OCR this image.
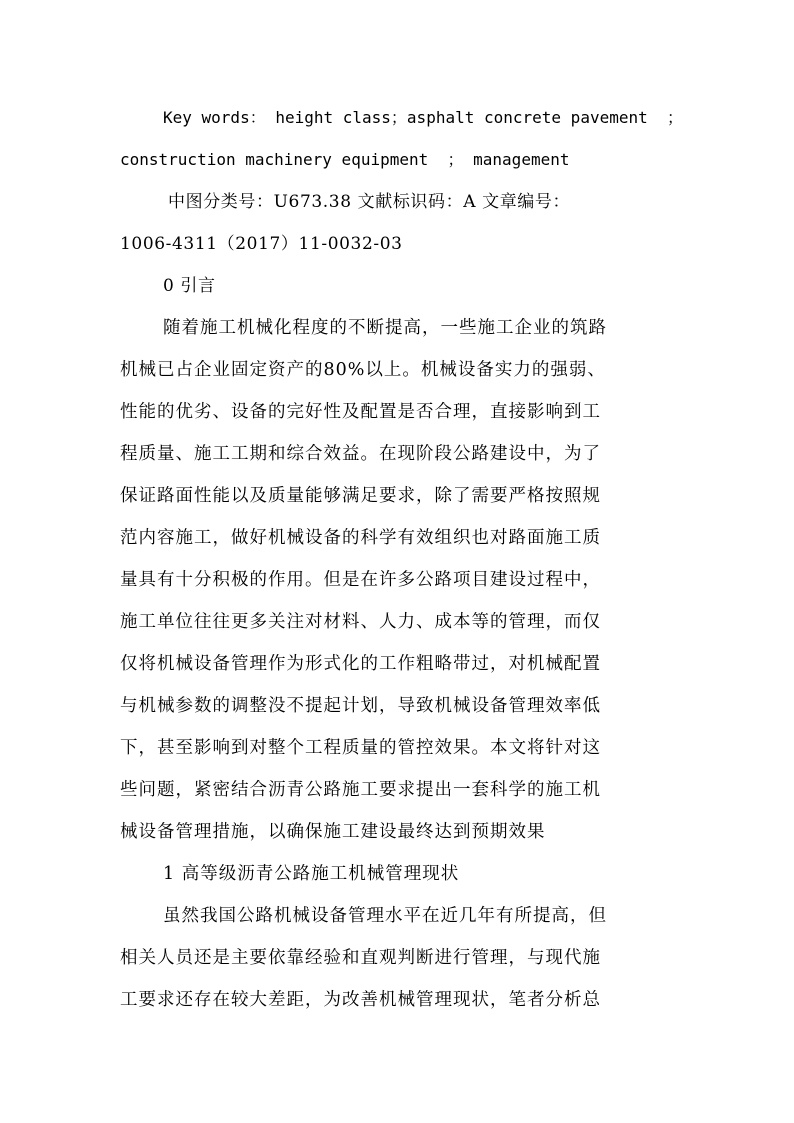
Key words： height class；asphalt concrete pavement  ；
construction machinery equipment  ； management
中图分类号：U673.38 文献标识码：A 文章编号：
1006-4311（2017）11-0032-03
0 引言
随着施工机械化程度的不断提高，一些施工企业的筑路
机械已占企业固定资产的80%以上。机械设备实力的强弱、
性能的优劣、设备的完好性及配置是否合理，直接影响到工
程质量、施工工期和综合效益。在现阶段公路建设中，为了
保证路面性能以及质量能够满足要求，除了需要严格按照规
范内容施工，做好机械设备的科学有效组织也对路面施工质
量具有十分积极的作用。但是在许多公路项目建设过程中，
施工单位往往更多关注对材料、人力、成本等的管理，而仅
仅将机械设备管理作为形式化的工作粗略带过，对机械配置
与机械参数的调整没不提起计划，导致机械设备管理效率低
下，甚至影响到对整个工程质量的管控效果。本文将针对这
些问题，紧密结合沥青公路施工要求提出一套科学的施工机
械设备管理措施，以确保施工建设最终达到预期效果
1 高等级沥青公路施工机械管理现状
虽然我国公路机械设备管理水平在近几年有所提高，但
相关人员还是主要依靠经验和直观判断进行管理，与现代施
工要求还存在较大差距，为改善机械管理现状，笔者分析总
